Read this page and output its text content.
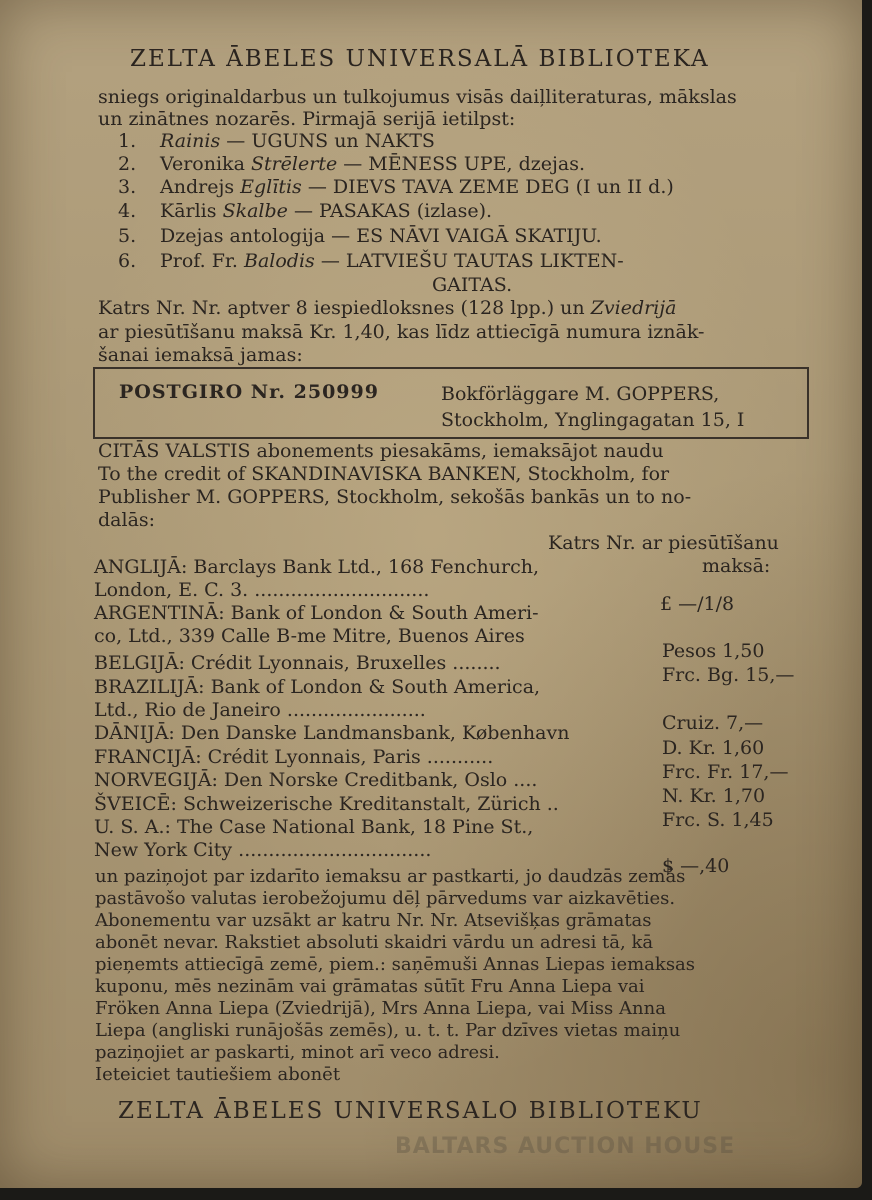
ZELTA ĀBELES UNIVERSALĀ BIBLIOTEKA
sniegs originaldarbus un tulkojumus visās daiļliteraturas, mākslas
un zinātnes nozarēs. Pirmajā serijā ietilpst:
1. Rainis — UGUNS un NAKTS
2. Veronika Strēlerte — MĒNESS UPE, dzejas.
3. Andrejs Eglītis — DIEVS TAVA ZEME DEG (I un II d.)
4. Kārlis Skalbe — PASAKAS (izlase).
5. Dzejas antologija — ES NĀVI VAIGĀ SKATIJU.
6. Prof. Fr. Balodis — LATVIEŠU TAUTAS LIKTEN-
GAITAS.
Katrs Nr. Nr. aptver 8 iespiedloksnes (128 lpp.) un Zviedrijā
ar piesūtīšanu maksā Kr. 1,40, kas līdz attiecīgā numura iznāk-
šanai iemaksā jamas:
POSTGIRO Nr. 250999	Bokförläggare M. GOPPERS,
Stockholm, Ynglingagatan 15, I
CITĀS VALSTIS abonements piesakāms, iemaksājot naudu
To the credit of SKANDINAVISKA BANKEN, Stockholm, for
Publisher M. GOPPERS, Stockholm, sekošās bankās un to no-
dalās:
Katrs Nr. ar piesūtīšanu
maksā:
ANGLIJĀ: Barclays Bank Ltd., 168 Fenchurch,
London, E. C. 3. .............................
£ —/1/8
ARGENTINĀ: Bank of London & South Ameri-
co, Ltd., 339 Calle B-me Mitre, Buenos Aires
Pesos 1,50
BELGIJĀ: Crédit Lyonnais, Bruxelles ........
Frc. Bg. 15,—
BRAZILIJĀ: Bank of London & South America,
Ltd., Rio de Janeiro .......................
Cruiz. 7,—
DĀNIJĀ: Den Danske Landmansbank, København
D. Kr. 1,60
FRANCIJĀ: Crédit Lyonnais, Paris ...........
Frc. Fr. 17,—
NORVEGIJĀ: Den Norske Creditbank, Oslo ....
N. Kr. 1,70
ŠVEICĒ: Schweizerische Kreditanstalt, Zürich ..
Frc. S. 1,45
U. S. A.: The Case National Bank, 18 Pine St.,
New York City ................................
$ —,40
un paziņojot par izdarīto iemaksu ar pastkarti, jo daudzās zemās
pastāvošo valutas ierobežojumu dēļ pārvedums var aizkavēties.
Abonementu var uzsākt ar katru Nr. Nr. Atsevišķas grāmatas
abonēt nevar. Rakstiet absoluti skaidri vārdu un adresi tā, kā
pieņemts attiecīgā zemē, piem.: saņēmuši Annas Liepas iemaksas
kuponu, mēs nezinām vai grāmatas sūtīt Fru Anna Liepa vai
Fröken Anna Liepa (Zviedrijā), Mrs Anna Liepa, vai Miss Anna
Liepa (angliski runājošās zemēs), u. t. t. Par dzīves vietas maiņu
paziņojiet ar paskarti, minot arī veco adresi.
Ieteiciet tautiešiem abonēt
ZELTA ĀBELES UNIVERSALO BIBLIOTEKU
BALTARS AUCTION HOUSE
